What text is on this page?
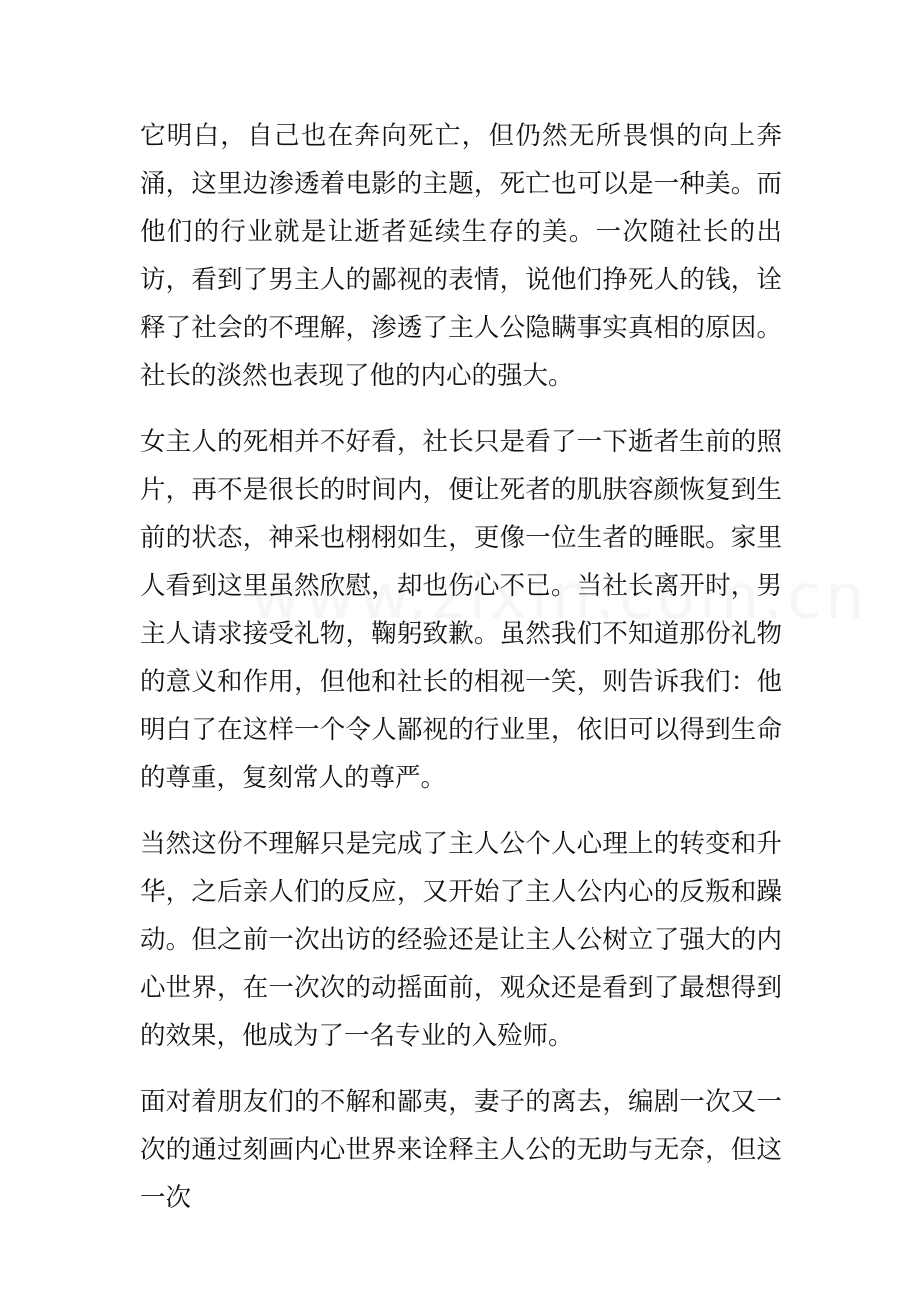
它明白，自己也在奔向死亡，但仍然无所畏惧的向上奔涌，这里边渗透着电影的主题，死亡也可以是一种美。而他们的行业就是让逝者延续生存的美。一次随社长的出访，看到了男主人的鄙视的表情，说他们挣死人的钱，诠释了社会的不理解，渗透了主人公隐瞒事实真相的原因。社长的淡然也表现了他的内心的强大。

女主人的死相并不好看，社长只是看了一下逝者生前的照片，再不是很长的时间内，便让死者的肌肤容颜恢复到生前的状态，神采也栩栩如生，更像一位生者的睡眠。家里人看到这里虽然欣慰，却也伤心不已。当社长离开时，男主人请求接受礼物，鞠躬致歉。虽然我们不知道那份礼物的意义和作用，但他和社长的相视一笑，则告诉我们：他明白了在这样一个令人鄙视的行业里，依旧可以得到生命的尊重，复刻常人的尊严。

当然这份不理解只是完成了主人公个人心理上的转变和升华，之后亲人们的反应，又开始了主人公内心的反叛和躁动。但之前一次出访的经验还是让主人公树立了强大的内心世界，在一次次的动摇面前，观众还是看到了最想得到的效果，他成为了一名专业的入殓师。

面对着朋友们的不解和鄙夷，妻子的离去，编剧一次又一次的通过刻画内心世界来诠释主人公的无助与无奈，但这一次
